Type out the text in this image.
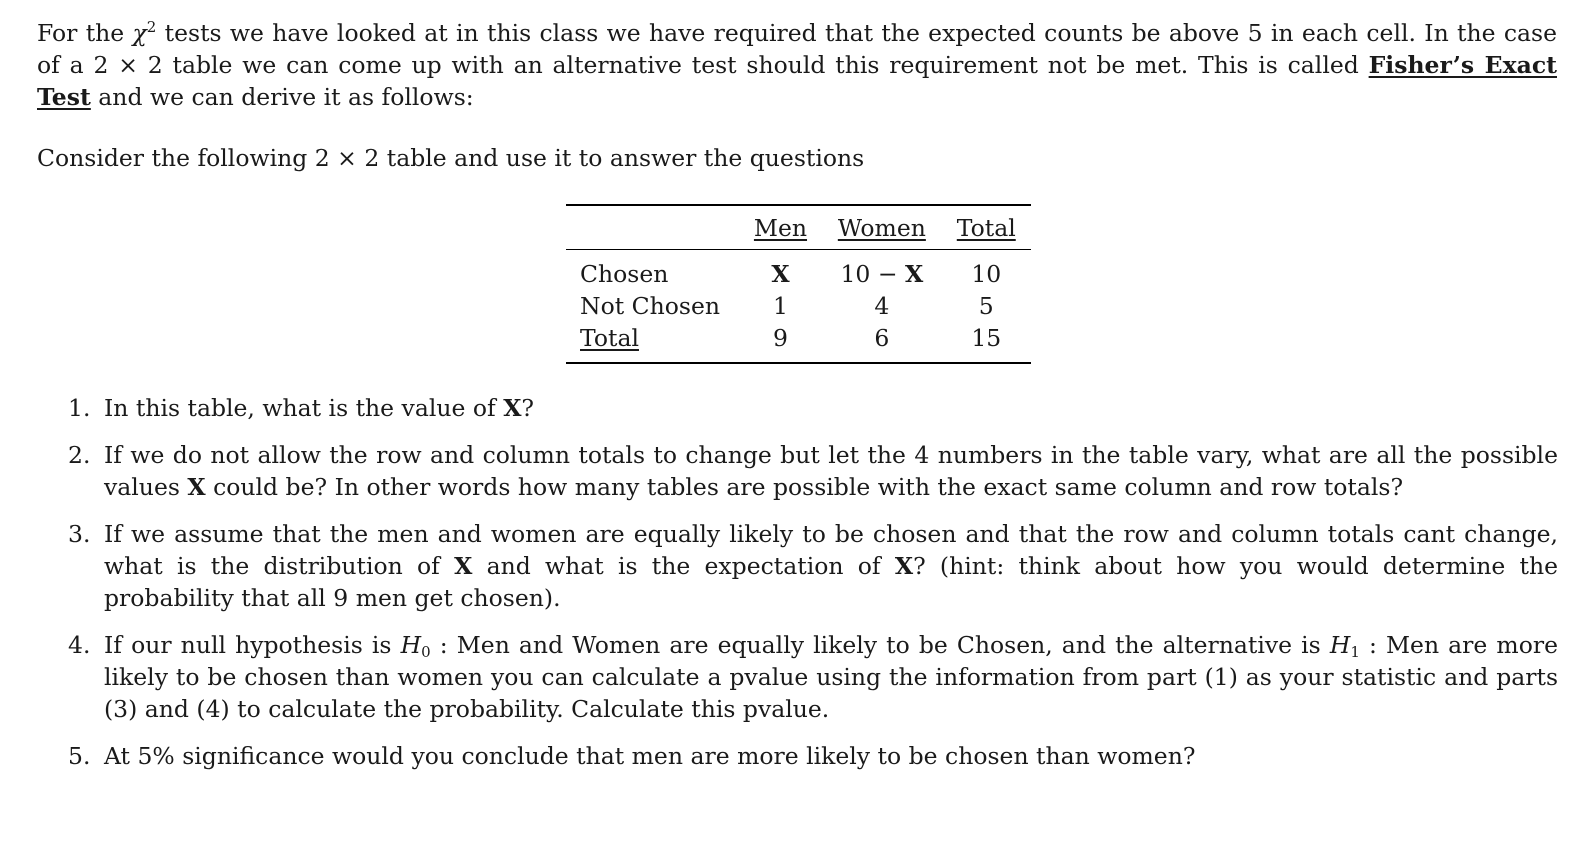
For the $\chi^2$ tests we have looked at in this class we have required that the expected counts be above 5 in each cell. In the case of a 2 × 2 table we can come up with an alternative test should this requirement not be met. This is called Fisher’s Exact Test and we can derive it as follows:

Consider the following 2 × 2 table and use it to answer the questions

	Men	Women	Total
Chosen	X	10 − X	10
Not Chosen	1	4	5
Total	9	6	15
1. In this table, what is the value of X?
2. If we do not allow the row and column totals to change but let the 4 numbers in the table vary, what are all the possible values X could be? In other words how many tables are possible with the exact same column and row totals?
3. If we assume that the men and women are equally likely to be chosen and that the row and column totals cant change, what is the distribution of X and what is the expectation of X? (hint: think about how you would determine the probability that all 9 men get chosen).
4. If our null hypothesis is $H_0$ : Men and Women are equally likely to be Chosen, and the alternative is $H_1$ : Men are more likely to be chosen than women you can calculate a pvalue using the information from part (1) as your statistic and parts (3) and (4) to calculate the probability. Calculate this pvalue.
5. At 5% significance would you conclude that men are more likely to be chosen than women?
